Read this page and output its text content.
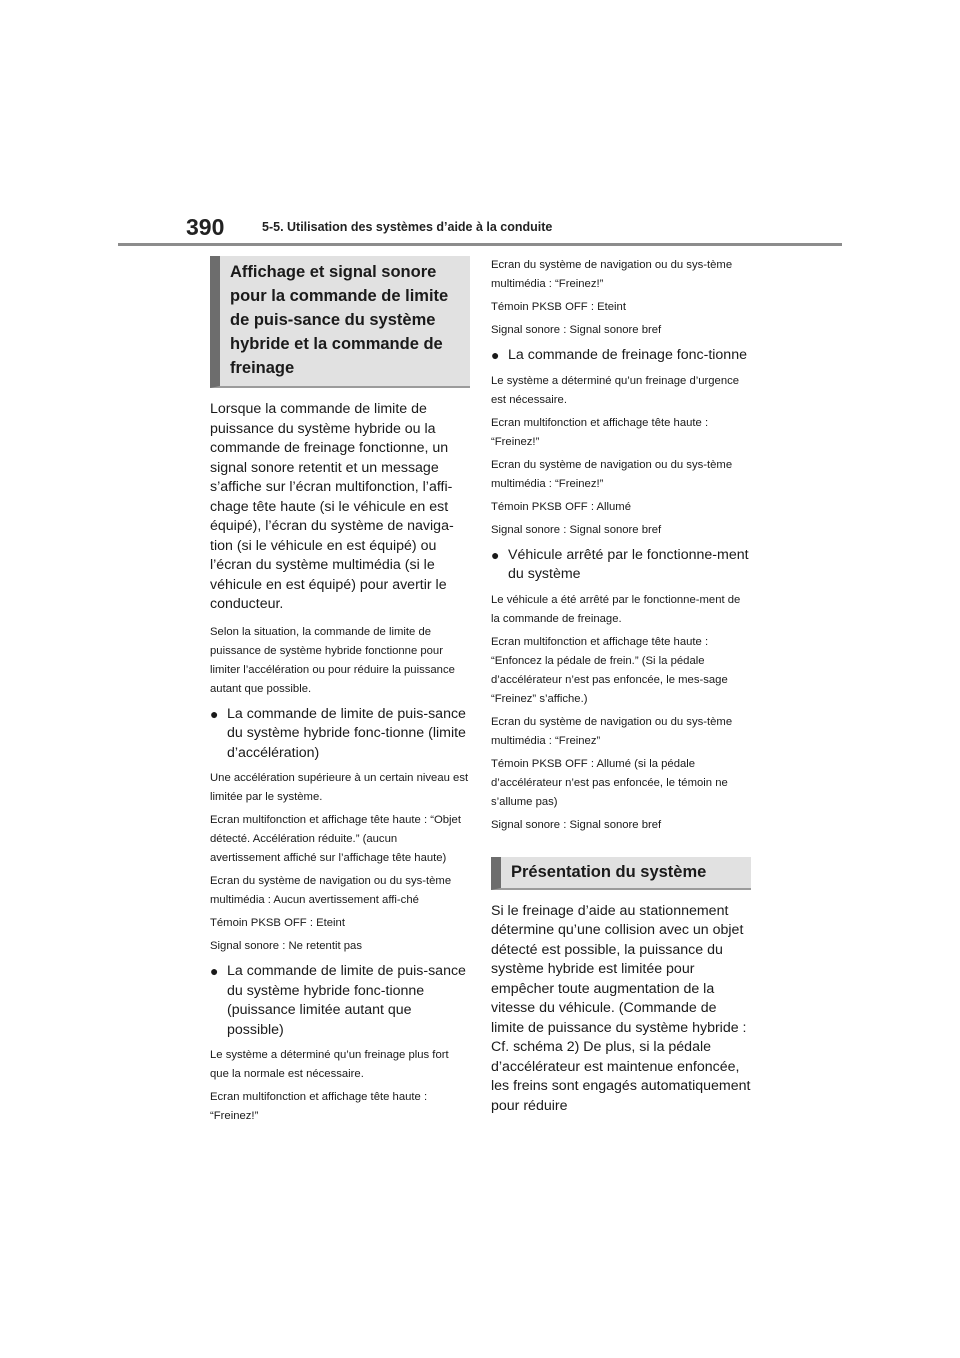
390	5-5. Utilisation des systèmes d’aide à la conduite
Affichage et signal sonore pour la commande de limite de puis-sance du système hybride et la commande de freinage

Lorsque la commande de limite de puissance du système hybride ou la commande de freinage fonctionne, un signal sonore retentit et un message s’affiche sur l’écran multifonction, l’affi-chage tête haute (si le véhicule en est équipé), l’écran du système de naviga-tion (si le véhicule en est équipé) ou l’écran du système multimédia (si le véhicule en est équipé) pour avertir le conducteur.

Selon la situation, la commande de limite de puissance de système hybride fonctionne pour limiter l’accélération ou pour réduire la puissance autant que possible.

● La commande de limite de puis-sance du système hybride fonc-tionne (limite d’accélération)

Une accélération supérieure à un certain niveau est limitée par le système.

Ecran multifonction et affichage tête haute : “Objet détecté. Accélération réduite.” (aucun avertissement affiché sur l’affichage tête haute)

Ecran du système de navigation ou du sys-tème multimédia : Aucun avertissement affi-ché

Témoin PKSB OFF : Eteint

Signal sonore : Ne retentit pas

● La commande de limite de puis-sance du système hybride fonc-tionne (puissance limitée autant que possible)

Le système a déterminé qu’un freinage plus fort que la normale est nécessaire.

Ecran multifonction et affichage tête haute : “Freinez!”

Ecran du système de navigation ou du sys-tème multimédia : “Freinez!”

Témoin PKSB OFF : Eteint

Signal sonore : Signal sonore bref

● La commande de freinage fonc-tionne

Le système a déterminé qu’un freinage d’urgence est nécessaire.

Ecran multifonction et affichage tête haute : “Freinez!”

Ecran du système de navigation ou du sys-tème multimédia : “Freinez!”

Témoin PKSB OFF : Allumé

Signal sonore : Signal sonore bref

● Véhicule arrêté par le fonctionne-ment du système

Le véhicule a été arrêté par le fonctionne-ment de la commande de freinage.

Ecran multifonction et affichage tête haute : “Enfoncez la pédale de frein.” (Si la pédale d’accélérateur n’est pas enfoncée, le mes-sage “Freinez” s’affiche.)

Ecran du système de navigation ou du sys-tème multimédia : “Freinez”

Témoin PKSB OFF : Allumé (si la pédale d’accélérateur n’est pas enfoncée, le témoin ne s’allume pas)

Signal sonore : Signal sonore bref

Présentation du système

Si le freinage d’aide au stationnement détermine qu’une collision avec un objet détecté est possible, la puissance du système hybride est limitée pour empêcher toute augmentation de la vitesse du véhicule. (Commande de limite de puissance du système hybride : Cf. schéma 2) De plus, si la pédale d’accélérateur est maintenue enfoncée, les freins sont engagés automatiquement pour réduire
